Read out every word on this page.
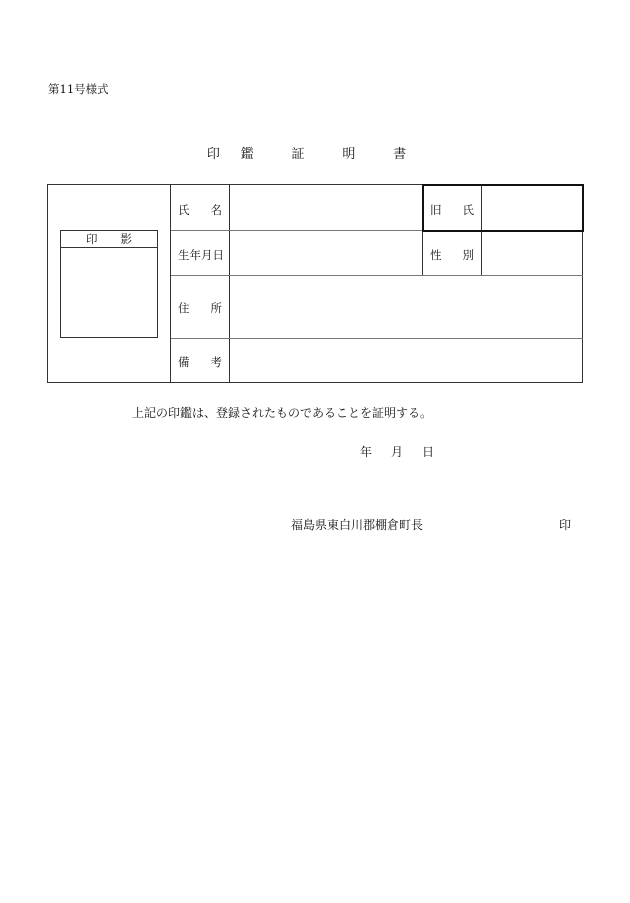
第11号様式
印 鑑	証	明	書
印   影
氏 名	旧 氏
生年月日	性 別
住 所
備 考
上記の印鑑は、登録されたものであることを証明する。
年 月 日
福島県東白川郡棚倉町長	印
